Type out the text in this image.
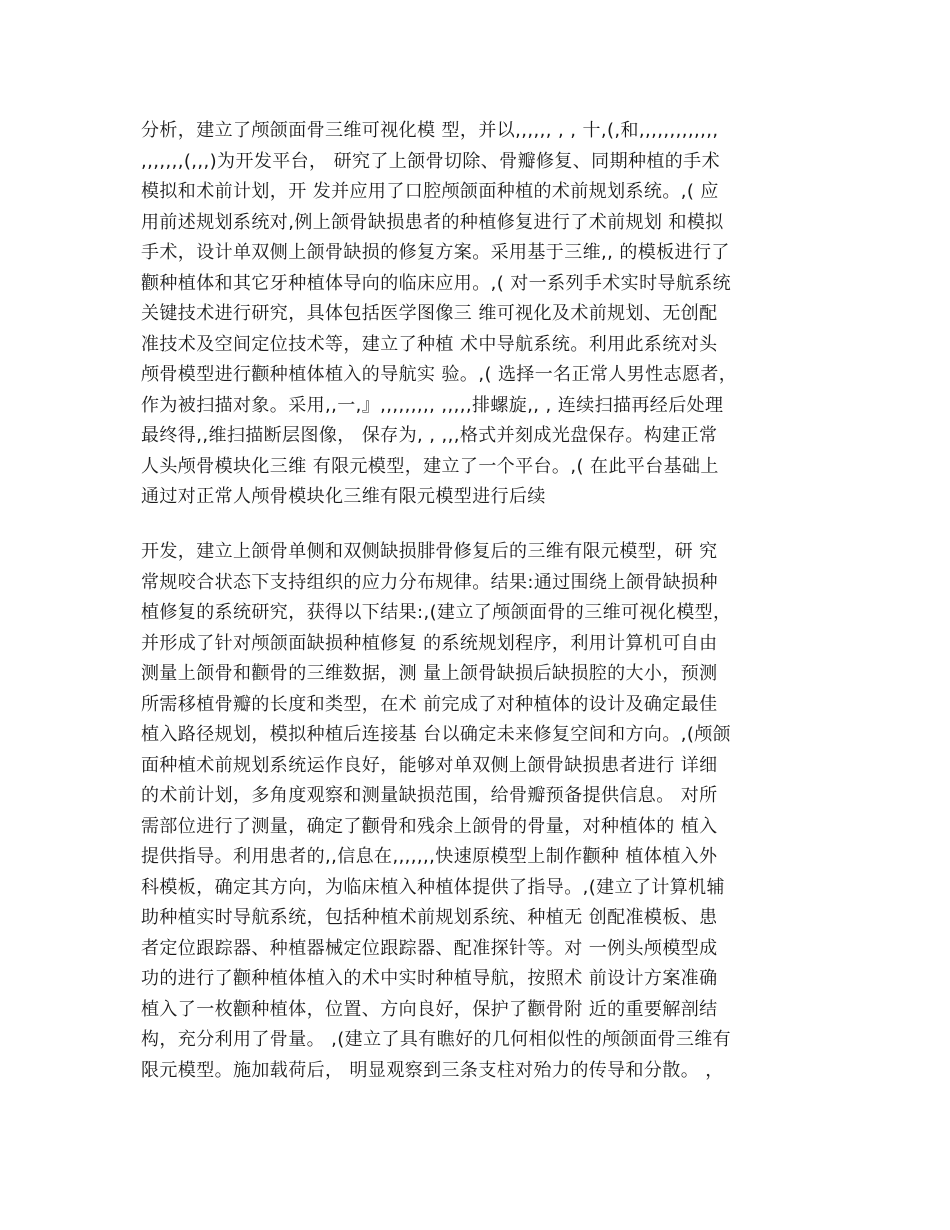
分析，建立了颅颌面骨三维可视化模 型，并以,,,,,, , , 十,(,和,,,,,,,,,,,,,
,,,,,,,(,,,)为开发平台， 研究了上颌骨切除、骨瓣修复、同期种植的手术
模拟和术前计划，开 发并应用了口腔颅颌面种植的术前规划系统。,( 应
用前述规划系统对,例上颌骨缺损患者的种植修复进行了术前规划 和模拟
手术，设计单双侧上颌骨缺损的修复方案。采用基于三维,, 的模板进行了
颧种植体和其它牙种植体导向的临床应用。,( 对一系列手术实时导航系统
关键技术进行研究，具体包括医学图像三 维可视化及术前规划、无创配
准技术及空间定位技术等，建立了种植 术中导航系统。利用此系统对头
颅骨模型进行颧种植体植入的导航实 验。,( 选择一名正常人男性志愿者，
作为被扫描对象。采用,,一,』,,,,,,,,, ,,,,,排螺旋,, , 连续扫描再经后处理
最终得,,维扫描断层图像， 保存为, , ,,,格式并刻成光盘保存。构建正常
人头颅骨模块化三维 有限元模型，建立了一个平台。,( 在此平台基础上
通过对正常人颅骨模块化三维有限元模型进行后续
开发，建立上颌骨单侧和双侧缺损腓骨修复后的三维有限元模型，研 究
常规咬合状态下支持组织的应力分布规律。结果:通过围绕上颌骨缺损种
植修复的系统研究，获得以下结果:,(建立了颅颌面骨的三维可视化模型，
并形成了针对颅颌面缺损种植修复 的系统规划程序，利用计算机可自由
测量上颌骨和颧骨的三维数据，测 量上颌骨缺损后缺损腔的大小，预测
所需移植骨瓣的长度和类型，在术 前完成了对种植体的设计及确定最佳
植入路径规划，模拟种植后连接基 台以确定未来修复空间和方向。,(颅颌
面种植术前规划系统运作良好，能够对单双侧上颌骨缺损患者进行 详细
的术前计划，多角度观察和测量缺损范围，给骨瓣预备提供信息。 对所
需部位进行了测量，确定了颧骨和残余上颌骨的骨量，对种植体的 植入
提供指导。利用患者的,,信息在,,,,,,,快速原模型上制作颧种 植体植入外
科模板，确定其方向，为临床植入种植体提供了指导。,(建立了计算机辅
助种植实时导航系统，包括种植术前规划系统、种植无 创配准模板、患
者定位跟踪器、种植器械定位跟踪器、配准探针等。对 一例头颅模型成
功的进行了颧种植体植入的术中实时种植导航，按照术 前设计方案准确
植入了一枚颧种植体，位置、方向良好，保护了颧骨附 近的重要解剖结
构，充分利用了骨量。 ,(建立了具有瞧好的几何相似性的颅颌面骨三维有
限元模型。施加载荷后， 明显观察到三条支柱对殆力的传导和分散。 ，
